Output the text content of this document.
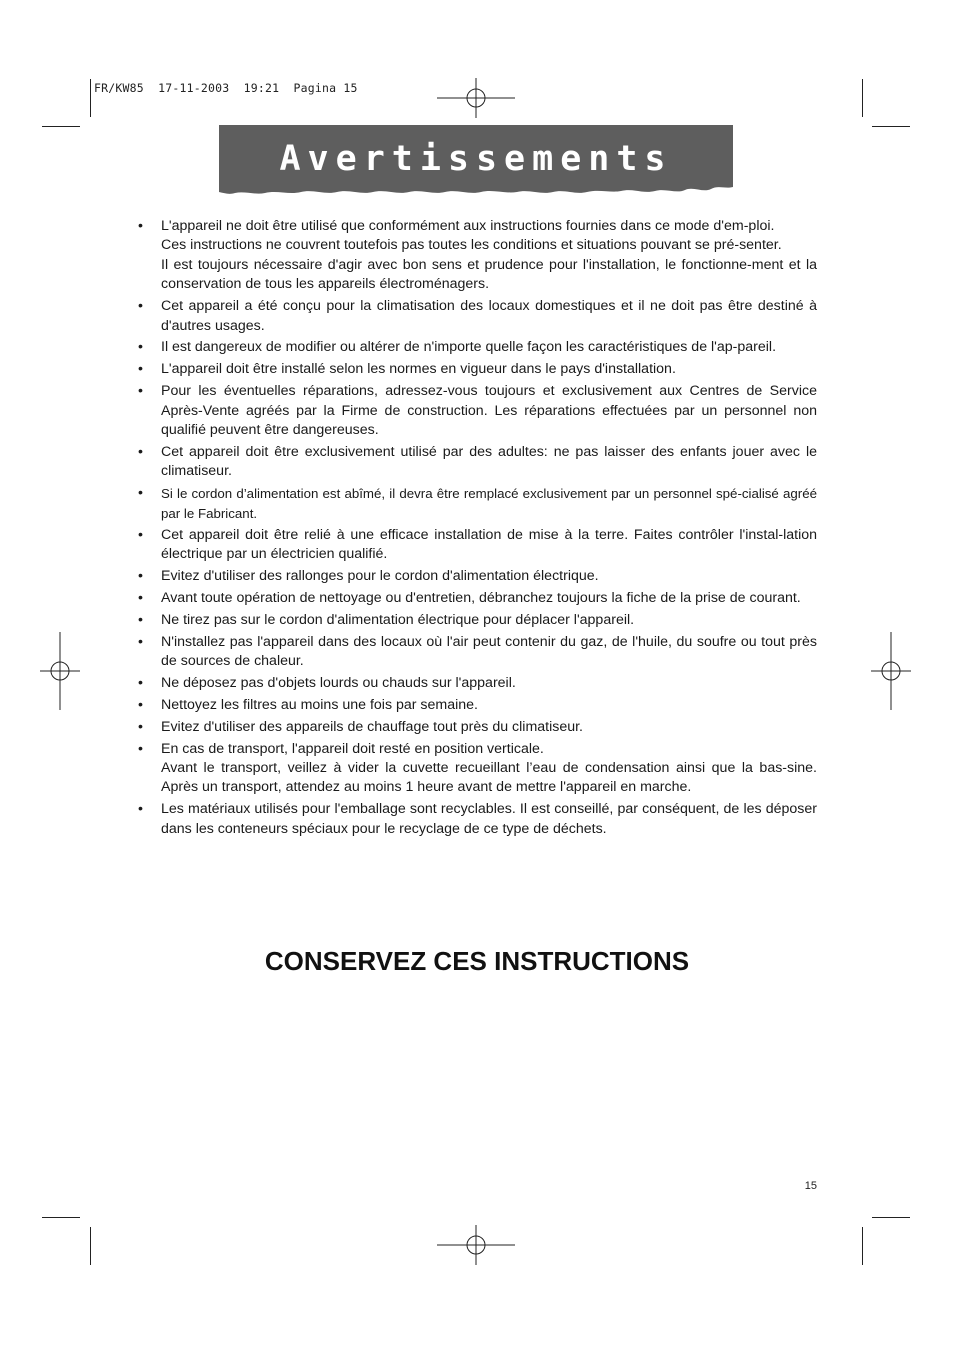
FR/KW85  17-11-2003  19:21  Pagina 15
Avertissements
• L'appareil ne doit être utilisé que conformément aux instructions fournies dans ce mode d'em-ploi.

Ces instructions ne couvrent toutefois pas toutes les conditions et situations pouvant se pré-senter.

Il est toujours nécessaire d'agir avec bon sens et prudence pour l'installation, le fonctionne-ment et la conservation de tous les appareils électroménagers.

• Cet appareil a été conçu pour la climatisation des locaux domestiques et il ne doit pas être destiné à d'autres usages.

• Il est dangereux de modifier ou altérer de n'importe quelle façon les caractéristiques de l'ap-pareil.

• L'appareil doit être installé selon les normes en vigueur dans le pays d'installation.

• Pour les éventuelles réparations, adressez-vous toujours et exclusivement aux Centres de Service Après-Vente agréés par la Firme de construction. Les réparations effectuées par un personnel non qualifié peuvent être dangereuses.

• Cet appareil doit être exclusivement utilisé par des adultes: ne pas laisser des enfants jouer avec le climatiseur.

• Si le cordon d’alimentation est abîmé, il devra être remplacé exclusivement par un personnel spé-cialisé agréé par le Fabricant.

• Cet appareil doit être relié à une efficace installation de mise à la terre. Faites contrôler l'instal-lation électrique par un électricien qualifié.

• Evitez d'utiliser des rallonges pour le cordon d'alimentation électrique.

• Avant toute opération de nettoyage ou d'entretien, débranchez toujours la fiche de la prise de courant.

• Ne tirez pas sur le cordon d'alimentation électrique pour déplacer l'appareil.

• N'installez pas l'appareil dans des locaux où l'air peut contenir du gaz, de l'huile, du soufre ou tout près de sources de chaleur.

• Ne déposez pas d'objets lourds ou chauds sur l'appareil.

• Nettoyez les filtres au moins une fois par semaine.

• Evitez d'utiliser des appareils de chauffage tout près du climatiseur.

• En cas de transport, l'appareil doit resté en position verticale.

Avant le transport, veillez à vider la cuvette recueillant l’eau de condensation ainsi que la bas-sine. Après un transport, attendez au moins 1 heure avant de mettre l'appareil en marche.

• Les matériaux utilisés pour l'emballage sont recyclables. Il est conseillé, par conséquent, de les déposer dans les conteneurs spéciaux pour le recyclage de ce type de déchets.

CONSERVEZ CES INSTRUCTIONS
15
